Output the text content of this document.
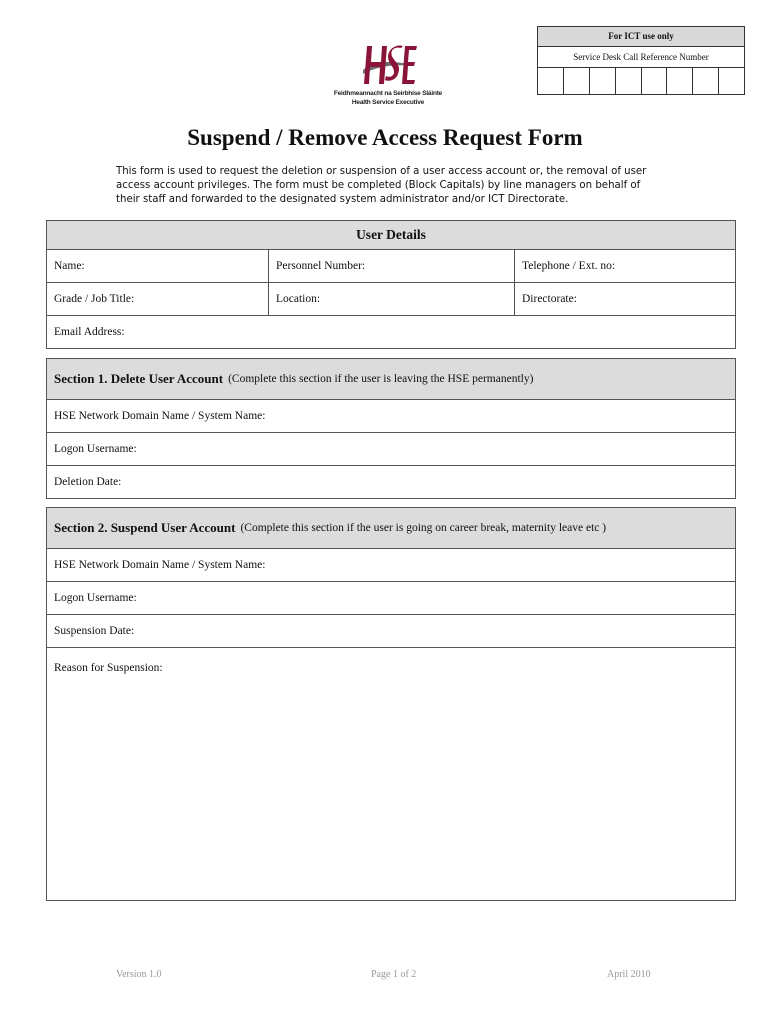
For ICT use only
Service Desk Call Reference Number
Feidhmeannacht na Seirbhíse Sláinte
Health Service Executive
Suspend / Remove Access Request Form
This form is used to request the deletion or suspension of a user access account or, the removal of user access account privileges. The form must be completed (Block Capitals) by line managers on behalf of their staff and forwarded to the designated system administrator and/or ICT Directorate.
User Details
Name:	Personnel Number:	Telephone / Ext. no:
Grade / Job Title:	Location:	Directorate:
Email Address:
Section 1. Delete User Account (Complete this section if the user is leaving the HSE permanently)
HSE Network Domain Name / System Name:
Logon Username:
Deletion Date:
Section 2. Suspend User Account (Complete this section if the user is going on career break, maternity leave etc )
HSE Network Domain Name / System Name:
Logon Username:
Suspension Date:
Reason for Suspension:
Version 1.0	Page 1 of 2	April 2010
